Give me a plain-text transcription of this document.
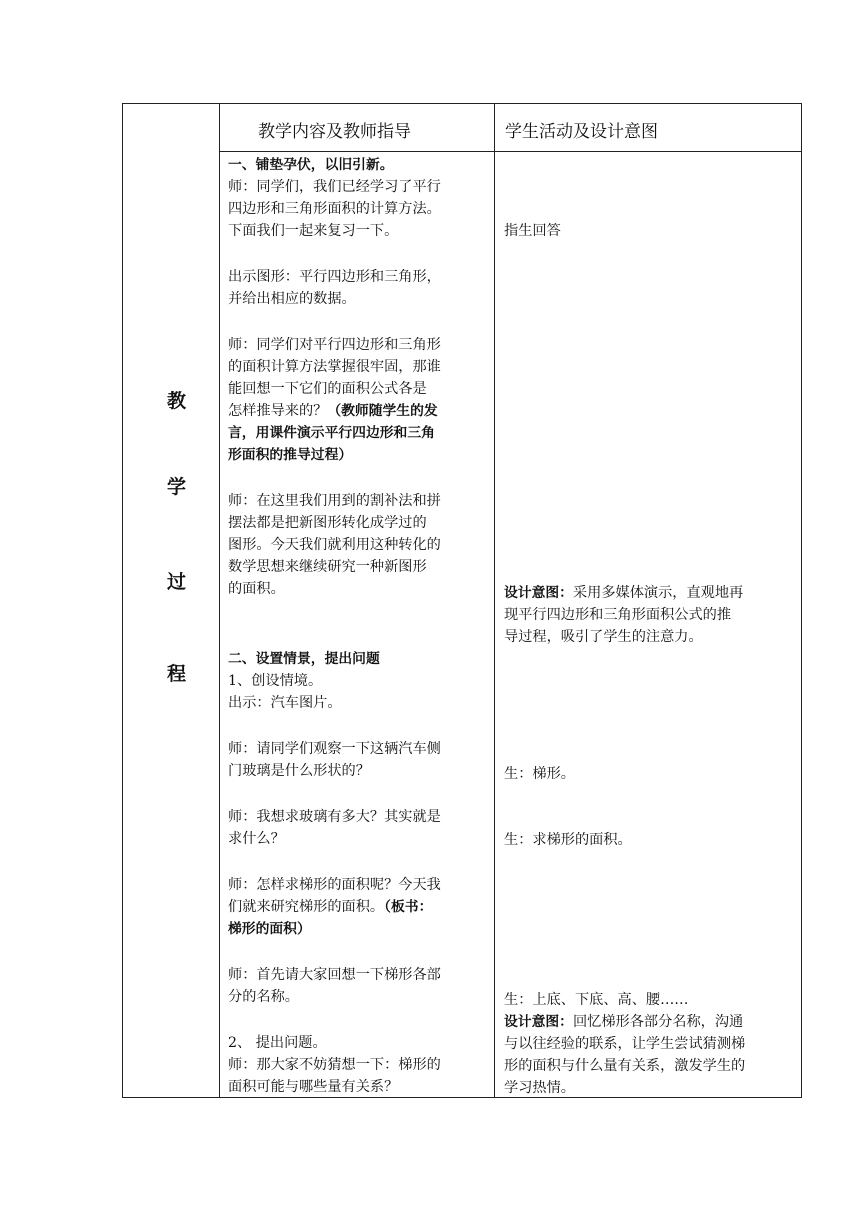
教
学
过
程
教学内容及教师指导	学生活动及设计意图
一、铺垫孕伏，以旧引新。
师：同学们，我们已经学习了平行
四边形和三角形面积的计算方法。
下面我们一起来复习一下。
出示图形：平行四边形和三角形，
并给出相应的数据。
师：同学们对平行四边形和三角形
的面积计算方法掌握很牢固，那谁
能回想一下它们的面积公式各是
怎样推导来的？（教师随学生的发
言，用课件演示平行四边形和三角
形面积的推导过程）
师：在这里我们用到的割补法和拼
摆法都是把新图形转化成学过的
图形。今天我们就利用这种转化的
数学思想来继续研究一种新图形
的面积。
二、设置情景，提出问题
1、创设情境。
出示：汽车图片。
师：请同学们观察一下这辆汽车侧
门玻璃是什么形状的？
师：我想求玻璃有多大？其实就是
求什么？
师：怎样求梯形的面积呢？今天我
们就来研究梯形的面积。（板书：
梯形的面积）
师：首先请大家回想一下梯形各部
分的名称。
2、 提出问题。
师：那大家不妨猜想一下：梯形的
面积可能与哪些量有关系？
指生回答
设计意图：采用多媒体演示，直观地再
现平行四边形和三角形面积公式的推
导过程，吸引了学生的注意力。
生：梯形。
生：求梯形的面积。
生：上底、下底、高、腰……
设计意图：回忆梯形各部分名称，沟通
与以往经验的联系，让学生尝试猜测梯
形的面积与什么量有关系，激发学生的
学习热情。
